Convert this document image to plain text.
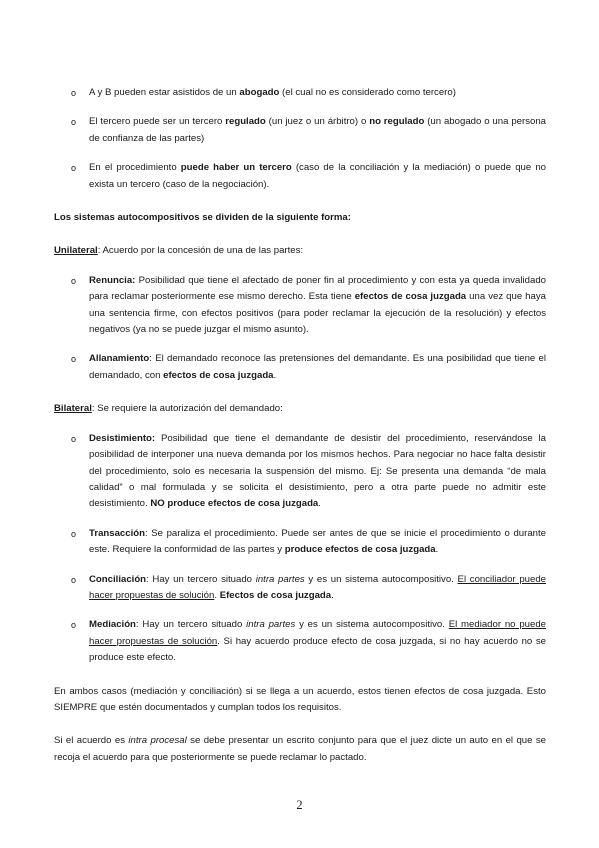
o	A y B pueden estar asistidos de un abogado (el cual no es considerado como tercero)
o	El tercero puede ser un tercero regulado (un juez o un árbitro) o no regulado (un abogado o una persona de confianza de las partes)
o	En el procedimiento puede haber un tercero (caso de la conciliación y la mediación) o puede que no exista un tercero (caso de la negociación).
Los sistemas autocompositivos se dividen de la siguiente forma:
Unilateral: Acuerdo por la concesión de una de las partes:
o	Renuncia: Posibilidad que tiene el afectado de poner fin al procedimiento y con esta ya queda invalidado para reclamar posteriormente ese mismo derecho. Esta tiene efectos de cosa juzgada una vez que haya una sentencia firme, con efectos positivos (para poder reclamar la ejecución de la resolución) y efectos negativos (ya no se puede juzgar el mismo asunto).
o	Allanamiento: El demandado reconoce las pretensiones del demandante. Es una posibilidad que tiene el demandado, con efectos de cosa juzgada.
Bilateral: Se requiere la autorización del demandado:
o	Desistimiento: Posibilidad que tiene el demandante de desistir del procedimiento, reservándose la posibilidad de interponer una nueva demanda por los mismos hechos. Para negociar no hace falta desistir del procedimiento, solo es necesaria la suspensión del mismo. Ej: Se presenta una demanda “de mala calidad” o mal formulada y se solicita el desistimiento, pero a otra parte puede no admitir este desistimiento. NO produce efectos de cosa juzgada.
o	Transacción: Se paraliza el procedimiento. Puede ser antes de que se inicie el procedimiento o durante este. Requiere la conformidad de las partes y produce efectos de cosa juzgada.
o	Conciliación: Hay un tercero situado intra partes y es un sistema autocompositivo. El conciliador puede hacer propuestas de solución. Efectos de cosa juzgada.
o	Mediación: Hay un tercero situado intra partes y es un sistema autocompositivo. El mediador no puede hacer propuestas de solución. Si hay acuerdo produce efecto de cosa juzgada, si no hay acuerdo no se produce este efecto.
En ambos casos (mediación y conciliación) si se llega a un acuerdo, estos tienen efectos de cosa juzgada. Esto SIEMPRE que estén documentados y cumplan todos los requisitos.
Si el acuerdo es intra procesal se debe presentar un escrito conjunto para que el juez dicte un auto en el que se recoja el acuerdo para que posteriormente se puede reclamar lo pactado.
2
